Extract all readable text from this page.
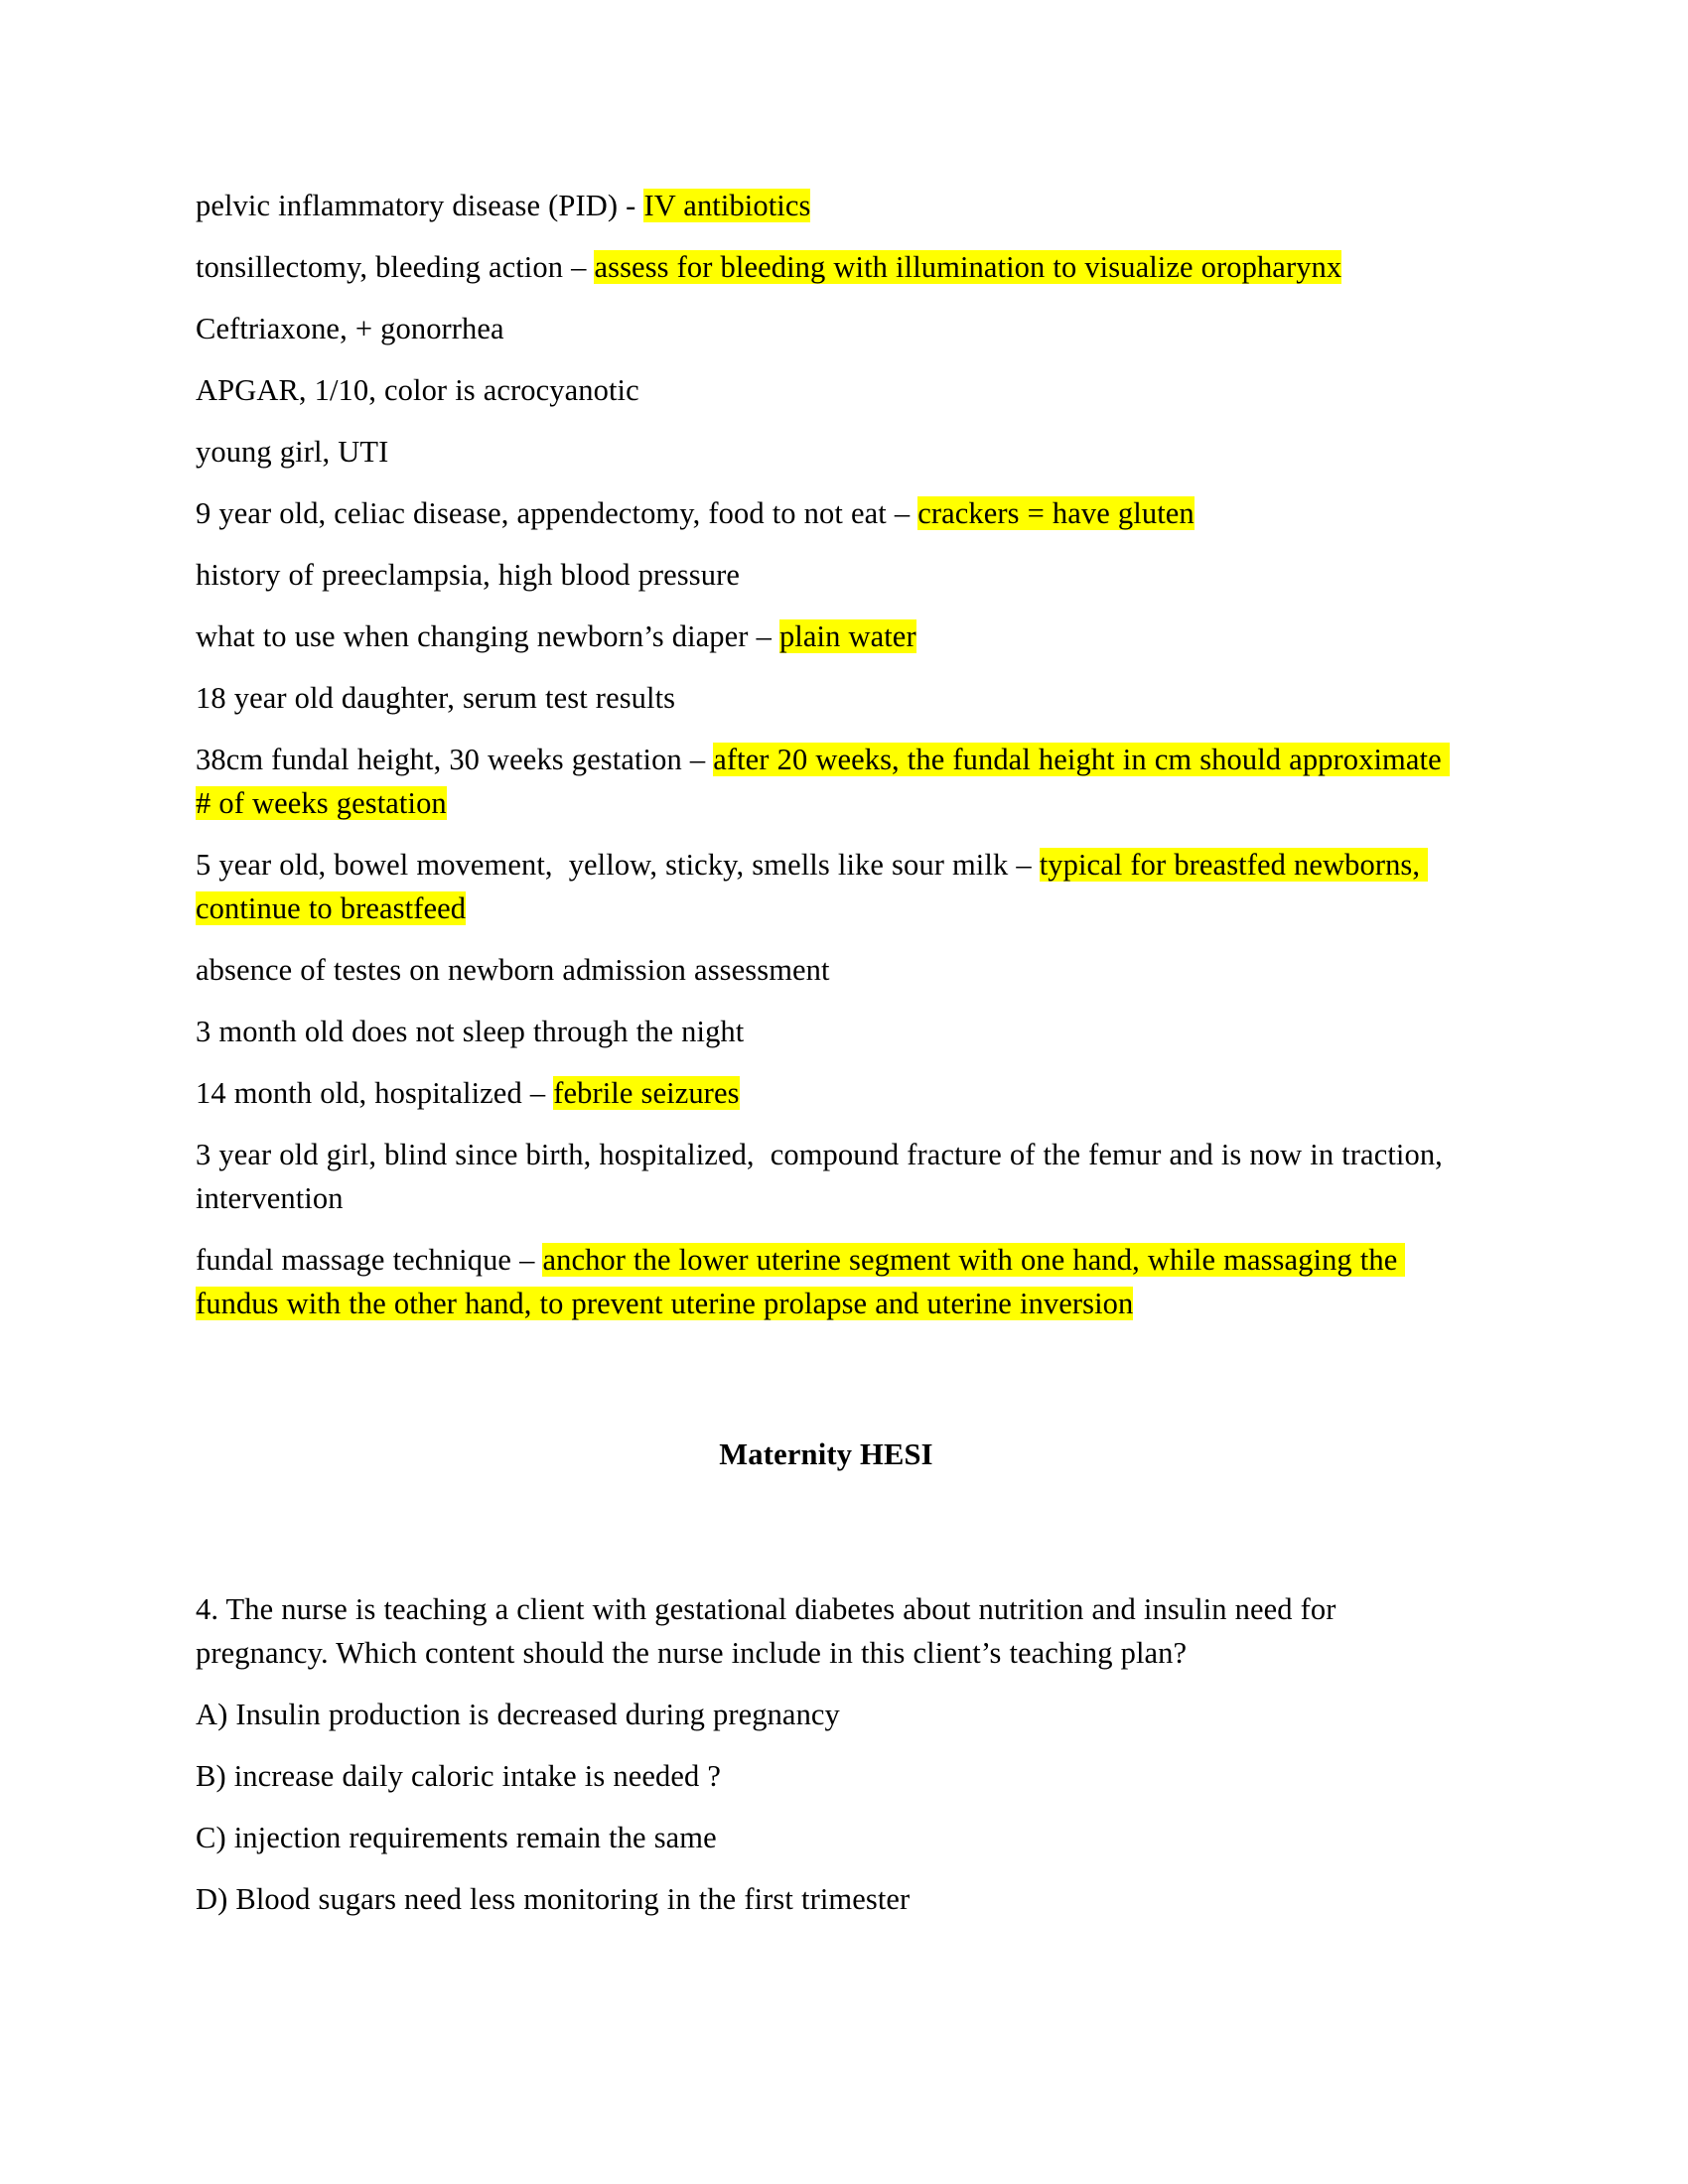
pelvic inflammatory disease (PID) - IV antibiotics

tonsillectomy, bleeding action – assess for bleeding with illumination to visualize oropharynx

Ceftriaxone, + gonorrhea

APGAR, 1/10, color is acrocyanotic

young girl, UTI

9 year old, celiac disease, appendectomy, food to not eat – crackers = have gluten

history of preeclampsia, high blood pressure

what to use when changing newborn’s diaper – plain water

18 year old daughter, serum test results

38cm fundal height, 30 weeks gestation – after 20 weeks, the fundal height in cm should approximate # of weeks gestation

5 year old, bowel movement,  yellow, sticky, smells like sour milk – typical for breastfed newborns, continue to breastfeed

absence of testes on newborn admission assessment

3 month old does not sleep through the night

14 month old, hospitalized – febrile seizures

3 year old girl, blind since birth, hospitalized,  compound fracture of the femur and is now in traction, intervention

fundal massage technique – anchor the lower uterine segment with one hand, while massaging the fundus with the other hand, to prevent uterine prolapse and uterine inversion

Maternity HESI

4. The nurse is teaching a client with gestational diabetes about nutrition and insulin need for pregnancy. Which content should the nurse include in this client’s teaching plan?

A) Insulin production is decreased during pregnancy

B) increase daily caloric intake is needed ?

C) injection requirements remain the same

D) Blood sugars need less monitoring in the first trimester
